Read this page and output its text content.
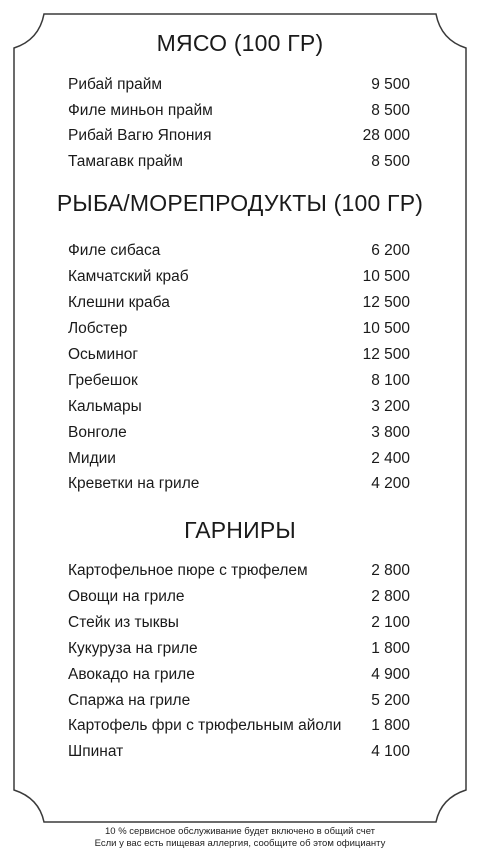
МЯСО (100 ГР)
Рибай прайм	9 500
Филе миньон прайм	8 500
Рибай Вагю Япония	28 000
Тамагавк прайм	8 500
РЫБА/МОРЕПРОДУКТЫ (100 ГР)
Филе сибаса	6 200
Камчатский краб	10 500
Клешни краба	12 500
Лобстер	10 500
Осьминог	12 500
Гребешок	8 100
Кальмары	3 200
Вонголе	3 800
Мидии	2 400
Креветки на гриле	4 200
ГАРНИРЫ
Картофельное пюре с трюфелем	2 800
Овощи на гриле	2 800
Стейк из тыквы	2 100
Кукуруза на гриле	1 800
Авокадо на гриле	4 900
Спаржа на гриле	5 200
Картофель фри с трюфельным айоли 1 800
Шпинат	4 100
10 % сервисное обслуживание будет включено в общий счет
Если у вас есть пищевая аллергия, сообщите об этом официанту
